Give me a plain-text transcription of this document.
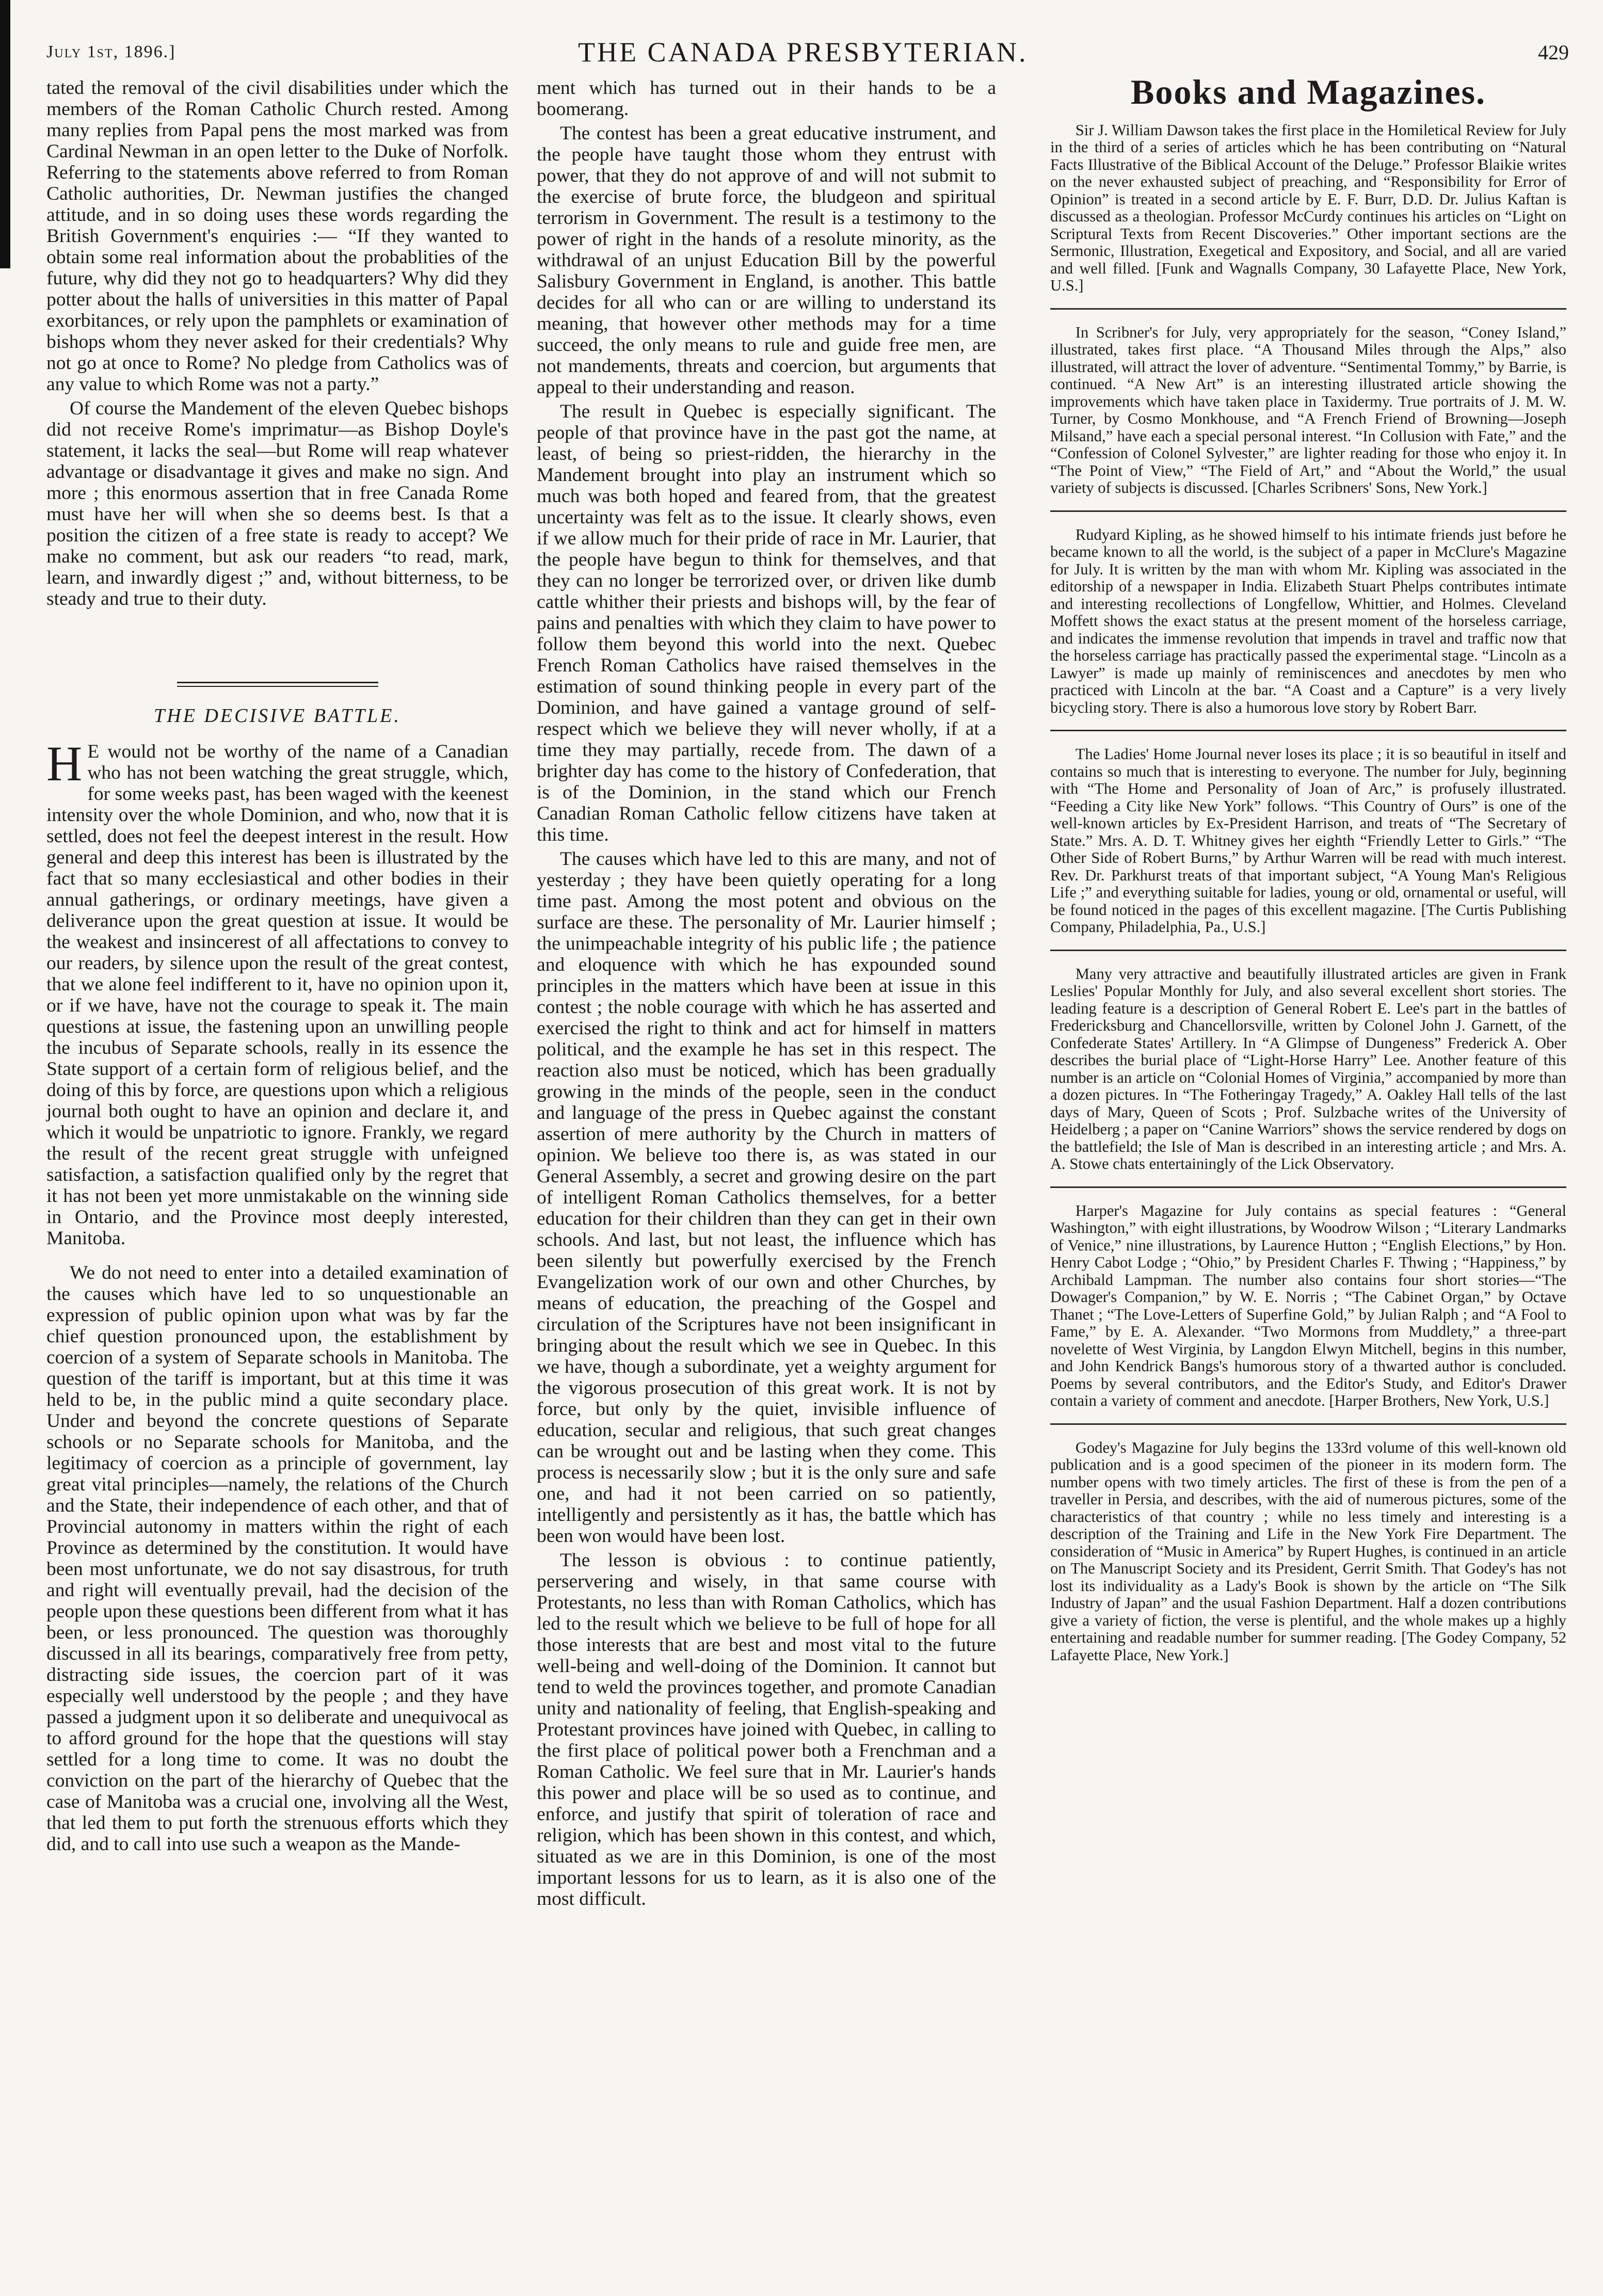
July 1st, 1896.]	THE CANADA PRESBYTERIAN.	429

tated the removal of the civil disabilities under which the members of the Roman Catholic Church rested. Among many replies from Papal pens the most marked was from Cardinal Newman in an open letter to the Duke of Norfolk. Referring to the statements above referred to from Roman Catholic authorities, Dr. Newman justifies the changed attitude, and in so doing uses these words regarding the British Government's enquiries :— “If they wanted to obtain some real information about the probablities of the future, why did they not go to headquarters? Why did they potter about the halls of universities in this matter of Papal exorbitances, or rely upon the pamphlets or examination of bishops whom they never asked for their credentials? Why not go at once to Rome? No pledge from Catholics was of any value to which Rome was not a party.”

Of course the Mandement of the eleven Quebec bishops did not receive Rome's imprimatur—as Bishop Doyle's statement, it lacks the seal—but Rome will reap whatever advantage or disadvantage it gives and make no sign. And more ; this enormous assertion that in free Canada Rome must have her will when she so deems best. Is that a position the citizen of a free state is ready to accept? We make no comment, but ask our readers “to read, mark, learn, and inwardly digest ;” and, without bitterness, to be steady and true to their duty.

THE DECISIVE BATTLE.

H E would not be worthy of the name of a Canadian who has not been watching the great struggle, which, for some weeks past, has been waged with the keenest intensity over the whole Dominion, and who, now that it is settled, does not feel the deepest interest in the result. How general and deep this interest has been is illustrated by the fact that so many ecclesiastical and other bodies in their annual gatherings, or ordinary meetings, have given a deliverance upon the great question at issue. It would be the weakest and insincerest of all affectations to convey to our readers, by silence upon the result of the great contest, that we alone feel indifferent to it, have no opinion upon it, or if we have, have not the courage to speak it. The main questions at issue, the fastening upon an unwilling people the incubus of Separate schools, really in its essence the State support of a certain form of religious belief, and the doing of this by force, are questions upon which a religious journal both ought to have an opinion and declare it, and which it would be unpatriotic to ignore. Frankly, we regard the result of the recent great struggle with unfeigned satisfaction, a satisfaction qualified only by the regret that it has not been yet more unmistakable on the winning side in Ontario, and the Province most deeply interested, Manitoba.

We do not need to enter into a detailed examination of the causes which have led to so unquestionable an expression of public opinion upon what was by far the chief question pronounced upon, the establishment by coercion of a system of Separate schools in Manitoba. The question of the tariff is important, but at this time it was held to be, in the public mind a quite secondary place. Under and beyond the concrete questions of Separate schools or no Separate schools for Manitoba, and the legitimacy of coercion as a principle of government, lay great vital principles—namely, the relations of the Church and the State, their independence of each other, and that of Provincial autonomy in matters within the right of each Province as determined by the constitution. It would have been most unfortunate, we do not say disastrous, for truth and right will eventually prevail, had the decision of the people upon these questions been different from what it has been, or less pronounced. The question was thoroughly discussed in all its bearings, comparatively free from petty, distracting side issues, the coercion part of it was especially well understood by the people ; and they have passed a judgment upon it so deliberate and unequivocal as to afford ground for the hope that the questions will stay settled for a long time to come. It was no doubt the conviction on the part of the hierarchy of Quebec that the case of Manitoba was a crucial one, involving all the West, that led them to put forth the strenuous efforts which they did, and to call into use such a weapon as the Mande-

ment which has turned out in their hands to be a boomerang.

The contest has been a great educative instrument, and the people have taught those whom they entrust with power, that they do not approve of and will not submit to the exercise of brute force, the bludgeon and spiritual terrorism in Government. The result is a testimony to the power of right in the hands of a resolute minority, as the withdrawal of an unjust Education Bill by the powerful Salisbury Government in England, is another. This battle decides for all who can or are willing to understand its meaning, that however other methods may for a time succeed, the only means to rule and guide free men, are not mandements, threats and coercion, but arguments that appeal to their understanding and reason.

The result in Quebec is especially significant. The people of that province have in the past got the name, at least, of being so priest-ridden, the hierarchy in the Mandement brought into play an instrument which so much was both hoped and feared from, that the greatest uncertainty was felt as to the issue. It clearly shows, even if we allow much for their pride of race in Mr. Laurier, that the people have begun to think for themselves, and that they can no longer be terrorized over, or driven like dumb cattle whither their priests and bishops will, by the fear of pains and penalties with which they claim to have power to follow them beyond this world into the next. Quebec French Roman Catholics have raised themselves in the estimation of sound thinking people in every part of the Dominion, and have gained a vantage ground of self-respect which we believe they will never wholly, if at a time they may partially, recede from. The dawn of a brighter day has come to the history of Confederation, that is of the Dominion, in the stand which our French Canadian Roman Catholic fellow citizens have taken at this time.

The causes which have led to this are many, and not of yesterday ; they have been quietly operating for a long time past. Among the most potent and obvious on the surface are these. The personality of Mr. Laurier himself ; the unimpeachable integrity of his public life ; the patience and eloquence with which he has expounded sound principles in the matters which have been at issue in this contest ; the noble courage with which he has asserted and exercised the right to think and act for himself in matters political, and the example he has set in this respect. The reaction also must be noticed, which has been gradually growing in the minds of the people, seen in the conduct and language of the press in Quebec against the constant assertion of mere authority by the Church in matters of opinion. We believe too there is, as was stated in our General Assembly, a secret and growing desire on the part of intelligent Roman Catholics themselves, for a better education for their children than they can get in their own schools. And last, but not least, the influence which has been silently but powerfully exercised by the French Evangelization work of our own and other Churches, by means of education, the preaching of the Gospel and circulation of the Scriptures have not been insignificant in bringing about the result which we see in Quebec. In this we have, though a subordinate, yet a weighty argument for the vigorous prosecution of this great work. It is not by force, but only by the quiet, invisible influence of education, secular and religious, that such great changes can be wrought out and be lasting when they come. This process is necessarily slow ; but it is the only sure and safe one, and had it not been carried on so patiently, intelligently and persistently as it has, the battle which has been won would have been lost.

The lesson is obvious : to continue patiently, perservering and wisely, in that same course with Protestants, no less than with Roman Catholics, which has led to the result which we believe to be full of hope for all those interests that are best and most vital to the future well-being and well-doing of the Dominion. It cannot but tend to weld the provinces together, and promote Canadian unity and nationality of feeling, that English-speaking and Protestant provinces have joined with Quebec, in calling to the first place of political power both a Frenchman and a Roman Catholic. We feel sure that in Mr. Laurier's hands this power and place will be so used as to continue, and enforce, and justify that spirit of toleration of race and religion, which has been shown in this contest, and which, situated as we are in this Dominion, is one of the most important lessons for us to learn, as it is also one of the most difficult.

Books and Magazines.

Sir J. William Dawson takes the first place in the Homiletical Review for July in the third of a series of articles which he has been contributing on “Natural Facts Illustrative of the Biblical Account of the Deluge.” Professor Blaikie writes on the never exhausted subject of preaching, and “Responsibility for Error of Opinion” is treated in a second article by E. F. Burr, D.D. Dr. Julius Kaftan is discussed as a theologian. Professor McCurdy continues his articles on “Light on Scriptural Texts from Recent Discoveries.” Other important sections are the Sermonic, Illustration, Exegetical and Expository, and Social, and all are varied and well filled. [Funk and Wagnalls Company, 30 Lafayette Place, New York, U.S.]

In Scribner's for July, very appropriately for the season, “Coney Island,” illustrated, takes first place. “A Thousand Miles through the Alps,” also illustrated, will attract the lover of adventure. “Sentimental Tommy,” by Barrie, is continued. “A New Art” is an interesting illustrated article showing the improvements which have taken place in Taxidermy. True portraits of J. M. W. Turner, by Cosmo Monkhouse, and “A French Friend of Browning—Joseph Milsand,” have each a special personal interest. “In Collusion with Fate,” and the “Confession of Colonel Sylvester,” are lighter reading for those who enjoy it. In “The Point of View,” “The Field of Art,” and “About the World,” the usual variety of subjects is discussed. [Charles Scribners' Sons, New York.]

Rudyard Kipling, as he showed himself to his intimate friends just before he became known to all the world, is the subject of a paper in McClure's Magazine for July. It is written by the man with whom Mr. Kipling was associated in the editorship of a newspaper in India. Elizabeth Stuart Phelps contributes intimate and interesting recollections of Longfellow, Whittier, and Holmes. Cleveland Moffett shows the exact status at the present moment of the horseless carriage, and indicates the immense revolution that impends in travel and traffic now that the horseless carriage has practically passed the experimental stage. “Lincoln as a Lawyer” is made up mainly of reminiscences and anecdotes by men who practiced with Lincoln at the bar. “A Coast and a Capture” is a very lively bicycling story. There is also a humorous love story by Robert Barr.

The Ladies' Home Journal never loses its place ; it is so beautiful in itself and contains so much that is interesting to everyone. The number for July, beginning with “The Home and Personality of Joan of Arc,” is profusely illustrated. “Feeding a City like New York” follows. “This Country of Ours” is one of the well-known articles by Ex-President Harrison, and treats of “The Secretary of State.” Mrs. A. D. T. Whitney gives her eighth “Friendly Letter to Girls.” “The Other Side of Robert Burns,” by Arthur Warren will be read with much interest. Rev. Dr. Parkhurst treats of that important subject, “A Young Man's Religious Life ;” and everything suitable for ladies, young or old, ornamental or useful, will be found noticed in the pages of this excellent magazine. [The Curtis Publishing Company, Philadelphia, Pa., U.S.]

Many very attractive and beautifully illustrated articles are given in Frank Leslies' Popular Monthly for July, and also several excellent short stories. The leading feature is a description of General Robert E. Lee's part in the battles of Fredericksburg and Chancellorsville, written by Colonel John J. Garnett, of the Confederate States' Artillery. In “A Glimpse of Dungeness” Frederick A. Ober describes the burial place of “Light-Horse Harry” Lee. Another feature of this number is an article on “Colonial Homes of Virginia,” accompanied by more than a dozen pictures. In “The Fotheringay Tragedy,” A. Oakley Hall tells of the last days of Mary, Queen of Scots ; Prof. Sulzbache writes of the University of Heidelberg ; a paper on “Canine Warriors” shows the service rendered by dogs on the battlefield; the Isle of Man is described in an interesting article ; and Mrs. A. A. Stowe chats entertainingly of the Lick Observatory.

Harper's Magazine for July contains as special features : “General Washington,” with eight illustrations, by Woodrow Wilson ; “Literary Landmarks of Venice,” nine illustrations, by Laurence Hutton ; “English Elections,” by Hon. Henry Cabot Lodge ; “Ohio,” by President Charles F. Thwing ; “Happiness,” by Archibald Lampman. The number also contains four short stories—“The Dowager's Companion,” by W. E. Norris ; “The Cabinet Organ,” by Octave Thanet ; “The Love-Letters of Superfine Gold,” by Julian Ralph ; and “A Fool to Fame,” by E. A. Alexander. “Two Mormons from Muddlety,” a three-part novelette of West Virginia, by Langdon Elwyn Mitchell, begins in this number, and John Kendrick Bangs's humorous story of a thwarted author is concluded. Poems by several contributors, and the Editor's Study, and Editor's Drawer contain a variety of comment and anecdote. [Harper Brothers, New York, U.S.]

Godey's Magazine for July begins the 133rd volume of this well-known old publication and is a good specimen of the pioneer in its modern form. The number opens with two timely articles. The first of these is from the pen of a traveller in Persia, and describes, with the aid of numerous pictures, some of the characteristics of that country ; while no less timely and interesting is a description of the Training and Life in the New York Fire Department. The consideration of “Music in America” by Rupert Hughes, is continued in an article on The Manuscript Society and its President, Gerrit Smith. That Godey's has not lost its individuality as a Lady's Book is shown by the article on “The Silk Industry of Japan” and the usual Fashion Department. Half a dozen contributions give a variety of fiction, the verse is plentiful, and the whole makes up a highly entertaining and readable number for summer reading. [The Godey Company, 52 Lafayette Place, New York.]
